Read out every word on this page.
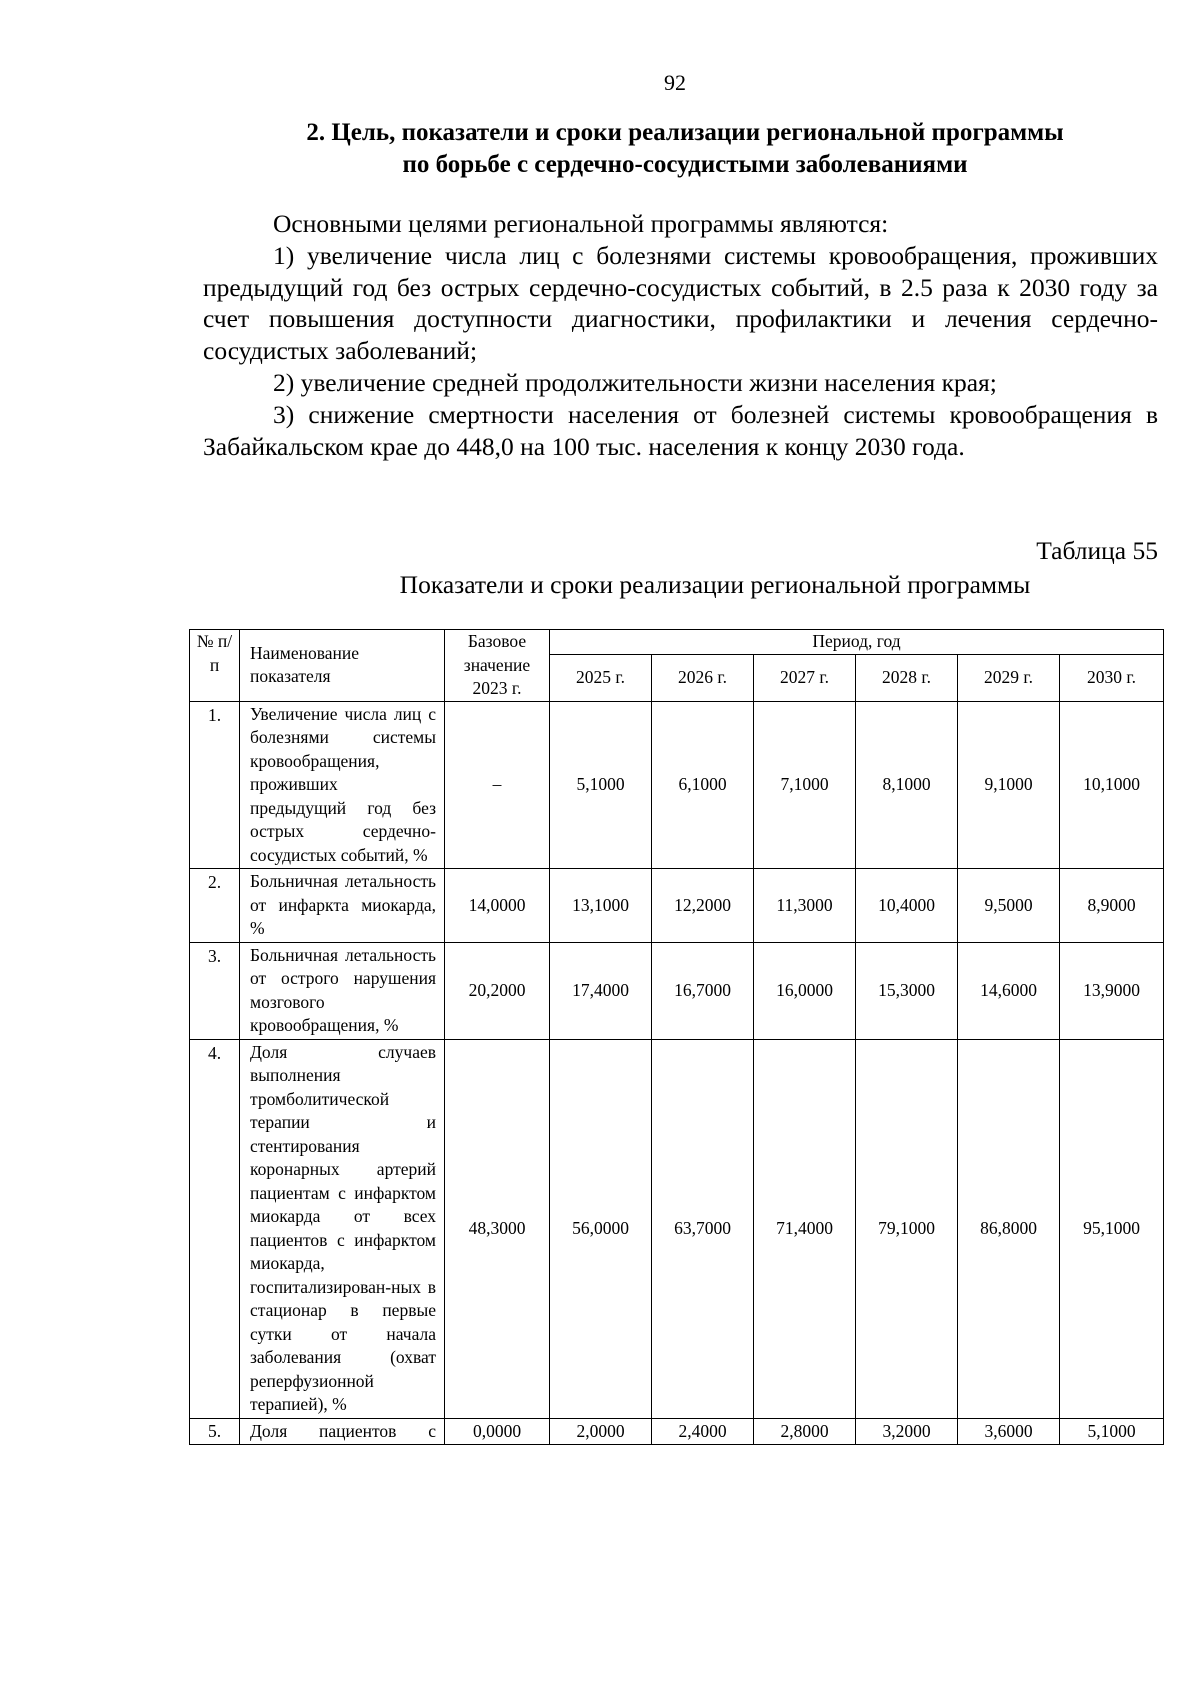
92
2. Цель, показатели и сроки реализации региональной программы
по борьбе с сердечно-сосудистыми заболеваниями

Основными целями региональной программы являются:

1) увеличение числа лиц с болезнями системы кровообращения, проживших предыдущий год без острых сердечно-сосудистых событий, в 2.5 раза к 2030 году за счет повышения доступности диагностики, профилактики и лечения сердечно-сосудистых заболеваний;

2) увеличение средней продолжительности жизни населения края;

3) снижение смертности населения от болезней системы кровообращения в Забайкальском крае до 448,0 на 100 тыс. населения к концу 2030 года.

Таблица 55
Показатели и сроки реализации региональной программы
№ п/п	Наименование показателя	Базовое значение 2023 г.	Период, год					
			2025 г.	2026 г.	2027 г.	2028 г.	2029 г.	2030 г.
1.	Увеличение числа лиц с болезнями системы кровообращения, проживших предыдущий год без острых сердечно-сосудистых событий, %	–	5,1000	6,1000	7,1000	8,1000	9,1000	10,1000
2.	Больничная летальность от инфаркта миокарда, %	14,0000	13,1000	12,2000	11,3000	10,4000	9,5000	8,9000
3.	Больничная летальность от острого нарушения мозгового кровообращения, %	20,2000	17,4000	16,7000	16,0000	15,3000	14,6000	13,9000
4.	Доля случаев выполнения тромболитической терапии и стентирования коронарных артерий пациентам с инфарктом миокарда от всех пациентов с инфарктом миокарда, госпитализирован-ных в стационар в первые сутки от начала заболевания (охват реперфузионной терапией), %	48,3000	56,0000	63,7000	71,4000	79,1000	86,8000	95,1000
5.	Доля пациентов с	0,0000	2,0000	2,4000	2,8000	3,2000	3,6000	5,1000
